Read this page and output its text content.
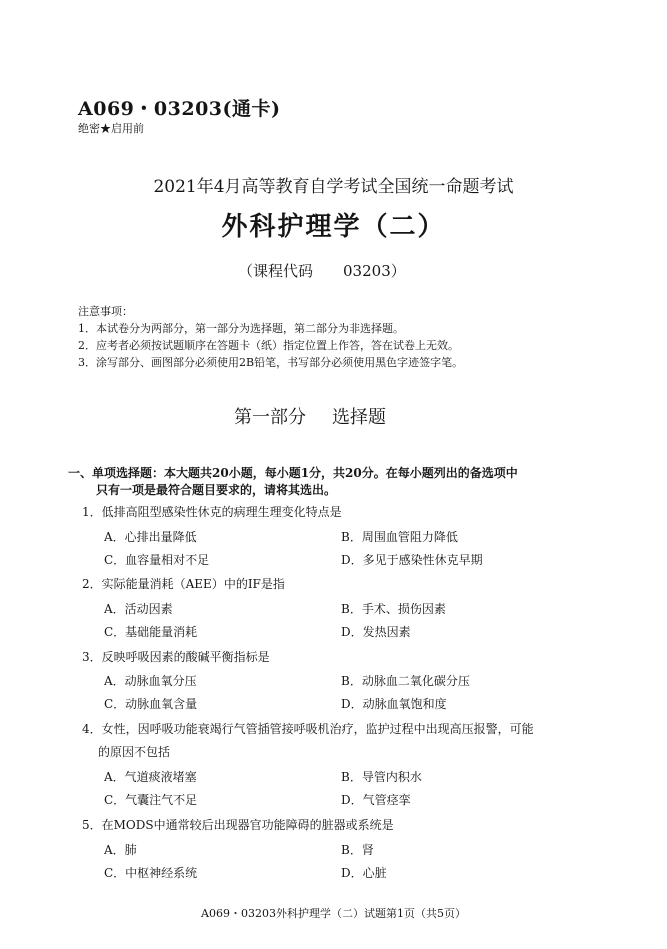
A069・03203(通卡)
绝密★启用前
2021年4月高等教育自学考试全国统一命题考试
外科护理学（二）
（课程代码 03203）
注意事项：
1．本试卷分为两部分，第一部分为选择题，第二部分为非选择题。
2．应考者必须按试题顺序在答题卡（纸）指定位置上作答，答在试卷上无效。
3．涂写部分、画图部分必须使用2B铅笔，书写部分必须使用黑色字迹签字笔。
第一部分 选择题
一、单项选择题：本大题共20小题，每小题1分，共20分。在每小题列出的备选项中
只有一项是最符合题目要求的，请将其选出。
1．低排高阻型感染性休克的病理生理变化特点是
A．心排出量降低	B．周围血管阻力降低
C．血容量相对不足	D．多见于感染性休克早期
2．实际能量消耗（AEE）中的IF是指
A．活动因素	B．手术、损伤因素
C．基础能量消耗	D．发热因素
3．反映呼吸因素的酸碱平衡指标是
A．动脉血氧分压	B．动脉血二氧化碳分压
C．动脉血氧含量	D．动脉血氧饱和度
4．女性，因呼吸功能衰竭行气管插管接呼吸机治疗，监护过程中出现高压报警，可能
的原因不包括
A．气道痰液堵塞	B．导管内积水
C．气囊注气不足	D．气管痉挛
5．在MODS中通常较后出现器官功能障碍的脏器或系统是
A．肺	B．肾
C．中枢神经系统	D．心脏
A069・03203外科护理学（二）试题第1页（共5页）
